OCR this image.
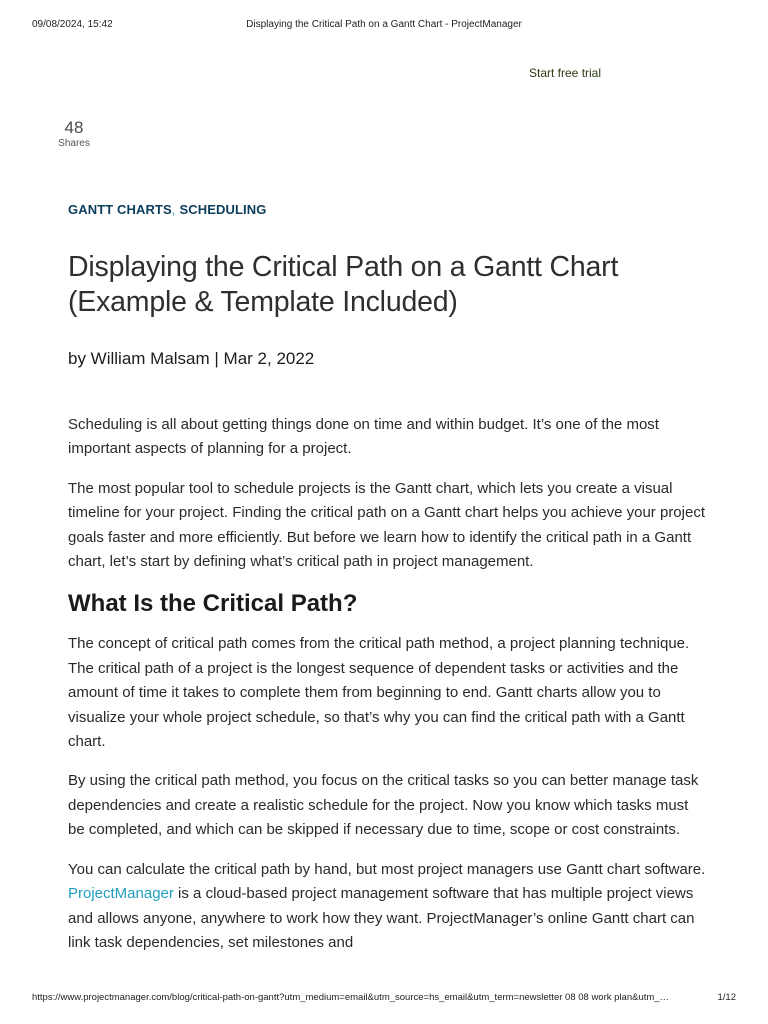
09/08/2024, 15:42	Displaying the Critical Path on a Gantt Chart - ProjectManager
Start free trial
48
Shares
GANTT CHARTS, SCHEDULING
Displaying the Critical Path on a Gantt Chart (Example & Template Included)
by William Malsam | Mar 2, 2022

Scheduling is all about getting things done on time and within budget. It’s one of the most important aspects of planning for a project.

The most popular tool to schedule projects is the Gantt chart, which lets you create a visual timeline for your project. Finding the critical path on a Gantt chart helps you achieve your project goals faster and more efficiently. But before we learn how to identify the critical path in a Gantt chart, let’s start by defining what’s critical path in project management.

What Is the Critical Path?

The concept of critical path comes from the critical path method, a project planning technique. The critical path of a project is the longest sequence of dependent tasks or activities and the amount of time it takes to complete them from beginning to end. Gantt charts allow you to visualize your whole project schedule, so that’s why you can find the critical path with a Gantt chart.

By using the critical path method, you focus on the critical tasks so you can better manage task dependencies and create a realistic schedule for the project. Now you know which tasks must be completed, and which can be skipped if necessary due to time, scope or cost constraints.

You can calculate the critical path by hand, but most project managers use Gantt chart software. ProjectManager is a cloud-based project management software that has multiple project views and allows anyone, anywhere to work how they want. ProjectManager’s online Gantt chart can link task dependencies, set milestones and

https://www.projectmanager.com/blog/critical-path-on-gantt?utm_medium=email&utm_source=hs_email&utm_term=newsletter 08 08 work plan&utm_…	1/12
